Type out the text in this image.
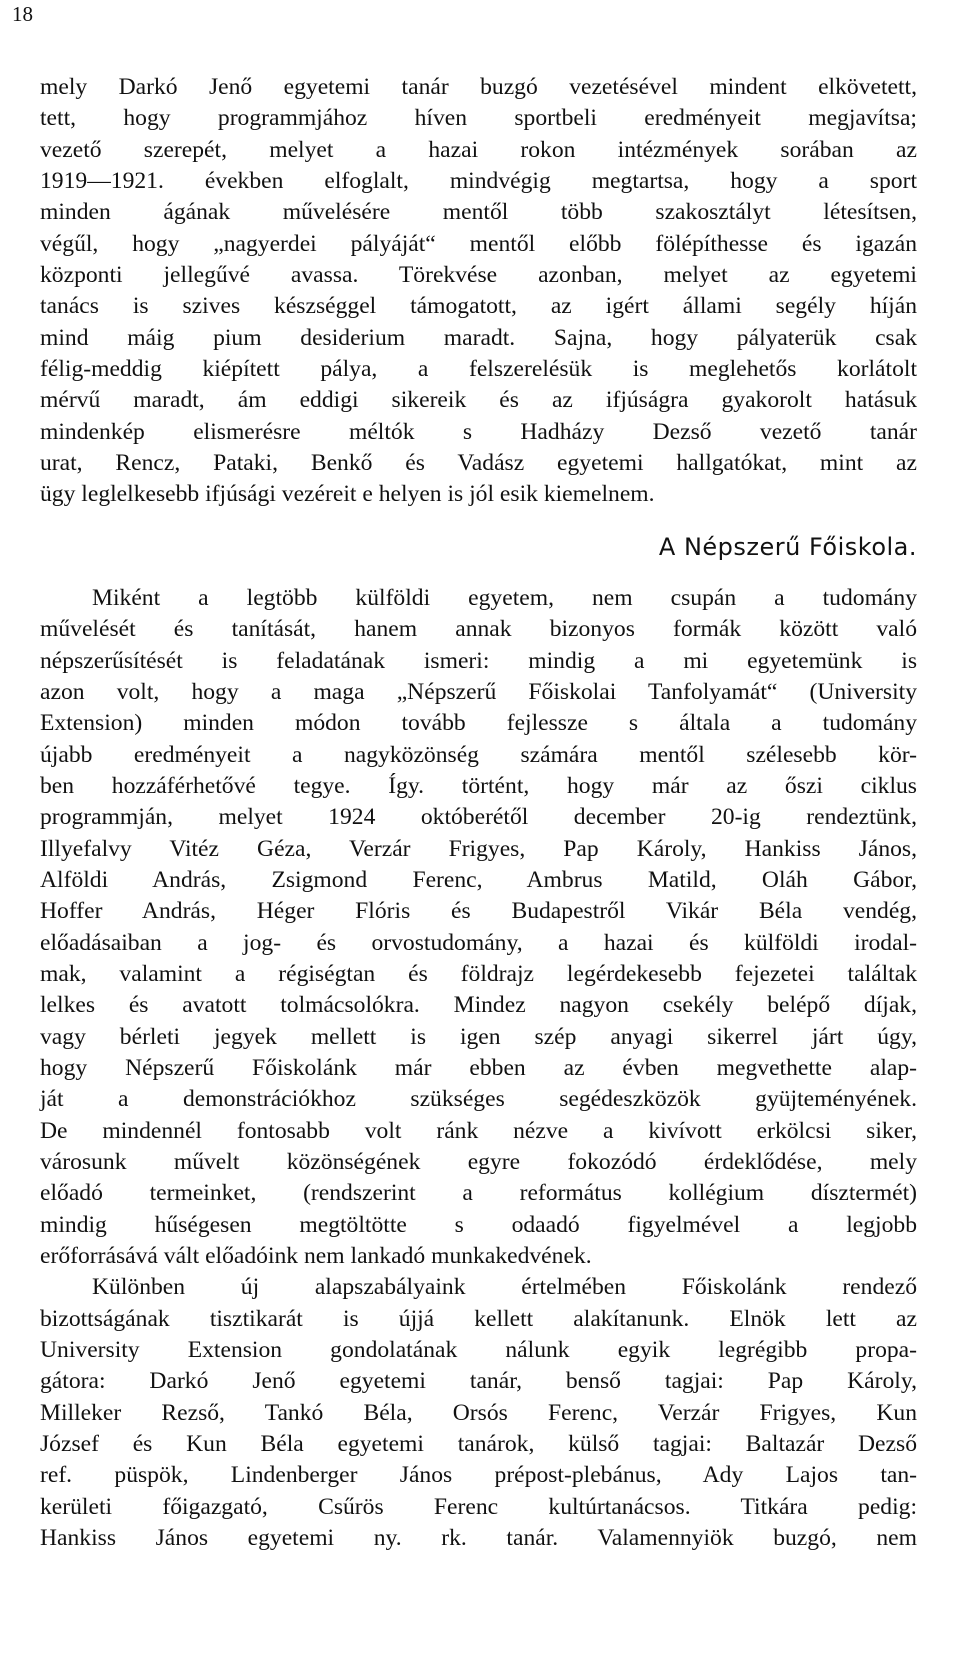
18
mely Darkó Jenő egyetemi tanár buzgó vezetésével mindent elkövetett,
tett, hogy programmjához híven sportbeli eredményeit megjavítsa;
vezető szerepét, melyet a hazai rokon intézmények sorában az
1919—1921. években elfoglalt, mindvégig megtartsa, hogy a sport
minden ágának művelésére mentől több szakosztályt létesítsen,
végűl, hogy „nagyerdei pályáját“ mentől előbb fölépíthesse és igazán
központi jellegűvé avassa. Törekvése azonban, melyet az egyetemi
tanács is szives készséggel támogatott, az igért állami segély híján
mind máig pium desiderium maradt. Sajna, hogy pályaterük csak
félig-meddig kiépített pálya, a felszerelésük is meglehetős korlátolt
mérvű maradt, ám eddigi sikereik és az ifjúságra gyakorolt hatásuk
mindenkép elismerésre méltók s Hadházy Dezső vezető tanár
urat, Rencz, Pataki, Benkő és Vadász egyetemi hallgatókat, mint az
ügy leglelkesebb ifjúsági vezéreit e helyen is jól esik kiemelnem.
A Népszerű Főiskola.
Miként a legtöbb külföldi egyetem, nem csupán a tudomány
művelését és tanítását, hanem annak bizonyos formák között való
népszerűsítését is feladatának ismeri: mindig a mi egyetemünk is
azon volt, hogy a maga „Népszerű Főiskolai Tanfolyamát“ (University
Extension) minden módon tovább fejlessze s általa a tudomány
újabb eredményeit a nagyközönség számára mentől szélesebb kör-
ben hozzáférhetővé tegye. Így. történt, hogy már az őszi ciklus
programmján, melyet 1924 októberétől december 20-ig rendeztünk,
Illyefalvy Vitéz Géza, Verzár Frigyes, Pap Károly, Hankiss János,
Alföldi András, Zsigmond Ferenc, Ambrus Matild, Oláh Gábor,
Hoffer András, Héger Flóris és Budapestről Vikár Béla vendég,
előadásaiban a jog- és orvostudomány, a hazai és külföldi irodal-
mak, valamint a régiségtan és földrajz legérdekesebb fejezetei találtak
lelkes és avatott tolmácsolókra. Mindez nagyon csekély belépő díjak,
vagy bérleti jegyek mellett is igen szép anyagi sikerrel járt úgy,
hogy Népszerű Főiskolánk már ebben az évben megvethette alap-
ját a demonstrációkhoz szükséges segédeszközök gyüjteményének.
De mindennél fontosabb volt ránk nézve a kivívott erkölcsi siker,
városunk művelt közönségének egyre fokozódó érdeklődése, mely
előadó termeinket, (rendszerint a református kollégium dísztermét)
mindig hűségesen megtöltötte s odaadó figyelmével a legjobb
erőforrásává vált előadóink nem lankadó munkakedvének.
Különben új alapszabályaink értelmében Főiskolánk rendező
bizottságának tisztikarát is újjá kellett alakítanunk. Elnök lett az
University Extension gondolatának nálunk egyik legrégibb propa-
gátora: Darkó Jenő egyetemi tanár, benső tagjai: Pap Károly,
Milleker Rezső, Tankó Béla, Orsós Ferenc, Verzár Frigyes, Kun
József és Kun Béla egyetemi tanárok, külső tagjai: Baltazár Dezső
ref. püspök, Lindenberger János prépost-plebánus, Ady Lajos tan-
kerületi főigazgató, Csűrös Ferenc kultúrtanácsos. Titkára pedig:
Hankiss János egyetemi ny. rk. tanár. Valamennyiök buzgó, nem
